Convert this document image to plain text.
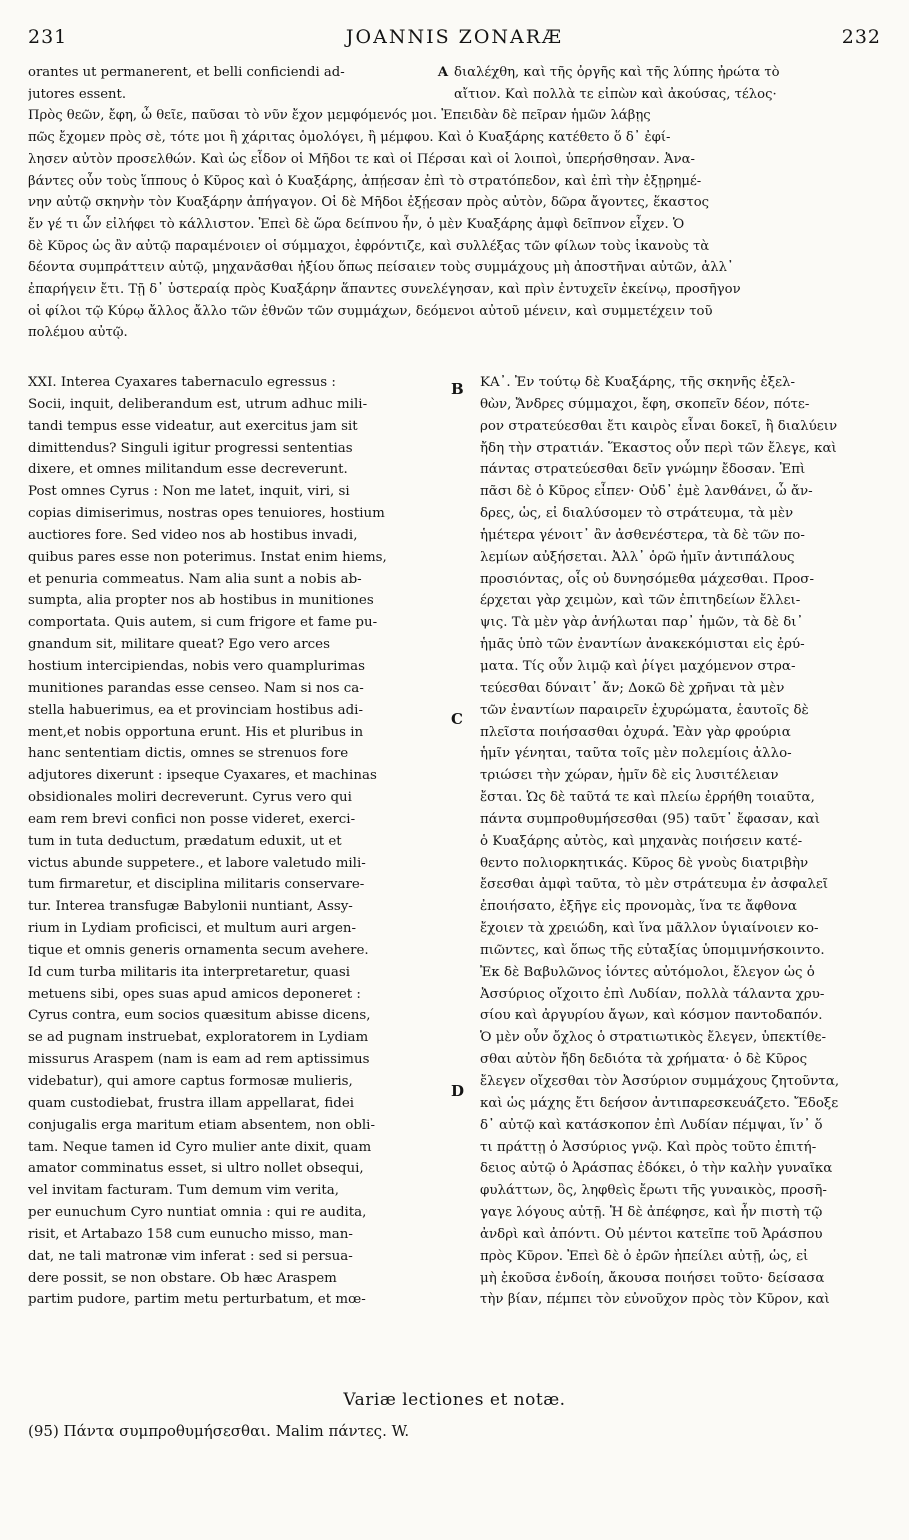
231	JOANNIS ZONARÆ	232
orantes ut permanerent, et belli conficiendi ad-	A διαλέχθη, καὶ τῆς ὀργῆς καὶ τῆς λύπης ἠρώτα τὸ
jutores essent.	αἴτιον. Καὶ πολλὰ τε εἰπὼν καὶ ἀκούσας, τέλος·
Πρὸς θεῶν, ἔφη, ὦ θεῖε, παῦσαι τὸ νῦν ἔχον μεμφόμενός μοι. Ἐπειδὰν δὲ πεῖραν ἡμῶν λάβῃς
πῶς ἔχομεν πρὸς σὲ, τότε μοι ἢ χάριτας ὁμολόγει, ἢ μέμφου. Καὶ ὁ Κυαξάρης κατέθετο ὅ δ᾽ ἐφί-
λησεν αὐτὸν προσελθών. Καὶ ὡς εἶδον οἱ Μῆδοι τε καὶ οἱ Πέρσαι καὶ οἱ λοιποὶ, ὑπερήσθησαν. Ἀνα-
βάντες οὖν τοὺς ἵππους ὁ Κῦρος καὶ ὁ Κυαξάρης, ἀπῄεσαν ἐπὶ τὸ στρατόπεδον, καὶ ἐπὶ τὴν ἐξῃρημέ-
νην αὐτῷ σκηνὴν τὸν Κυαξάρην ἀπήγαγον. Οἱ δὲ Μῆδοι ἐξῄεσαν πρὸς αὐτὸν, δῶρα ἄγοντες, ἕκαστος
ἔν γέ τι ὧν εἰλήφει τὸ κάλλιστον. Ἐπεὶ δὲ ὥρα δείπνου ἦν, ὁ μὲν Κυαξάρης ἀμφὶ δεῖπνον εἶχεν. Ὁ
δὲ Κῦρος ὡς ἂν αὐτῷ παραμένοιεν οἱ σύμμαχοι, ἐφρόντιζε, καὶ συλλέξας τῶν φίλων τοὺς ἱκανοὺς τὰ
δέοντα συμπράττειν αὐτῷ, μηχανᾶσθαι ἠξίου ὅπως πείσαιεν τοὺς συμμάχους μὴ ἀποστῆναι αὐτῶν, ἀλλ᾽
ἐπαρήγειν ἔτι. Τῇ δ᾽ ὑστεραίᾳ πρὸς Κυαξάρην ἅπαντες συνελέγησαν, καὶ πρὶν ἐντυχεῖν ἐκείνῳ, προσῆγον
οἱ φίλοι τῷ Κύρῳ ἄλλος ἄλλο τῶν ἐθνῶν τῶν συμμάχων, δεόμενοι αὐτοῦ μένειν, καὶ συμμετέχειν τοῦ
πολέμου αὐτῷ.
XXI. Interea Cyaxares tabernaculo egressus :
Socii, inquit, deliberandum est, utrum adhuc mili-
tandi tempus esse videatur, aut exercitus jam sit
dimittendus? Singuli igitur progressi sententias
dixere, et omnes militandum esse decreverunt.
Post omnes Cyrus : Non me latet, inquit, viri, si
copias dimiserimus, nostras opes tenuiores, hostium
auctiores fore. Sed video nos ab hostibus invadi,
quibus pares esse non poterimus. Instat enim hiems,
et penuria commeatus. Nam alia sunt a nobis ab-
sumpta, alia propter nos ab hostibus in munitiones
comportata. Quis autem, si cum frigore et fame pu-
gnandum sit, militare queat? Ego vero arces
hostium intercipiendas, nobis vero quamplurimas
munitiones parandas esse censeo. Nam si nos ca-
stella habuerimus, ea et provinciam hostibus adi-
ment,et nobis opportuna erunt. His et pluribus in
hanc sententiam dictis, omnes se strenuos fore
adjutores dixerunt : ipseque Cyaxares, et machinas
obsidionales moliri decreverunt. Cyrus vero qui
eam rem brevi confici non posse videret, exerci-
tum in tuta deductum, prædatum eduxit, ut et
victus abunde suppetere., et labore valetudo mili-
tum firmaretur, et disciplina militaris conservare-
tur. Interea transfugæ Babylonii nuntiant, Assy-
rium in Lydiam proficisci, et multum auri argen-
tique et omnis generis ornamenta secum avehere.
Id cum turba militaris ita interpretaretur, quasi
metuens sibi, opes suas apud amicos deponeret :
Cyrus contra, eum socios quæsitum abisse dicens,
se ad pugnam instruebat, exploratorem in Lydiam
missurus Araspem (nam is eam ad rem aptissimus
videbatur), qui amore captus formosæ mulieris,
quam custodiebat, frustra illam appellarat, fidei
conjugalis erga maritum etiam absentem, non obli-
tam. Neque tamen id Cyro mulier ante dixit, quam
amator comminatus esset, si ultro nollet obsequi,
vel invitam facturam. Tum demum vim verita,
per eunuchum Cyro nuntiat omnia : qui re audita,
risit, et Artabazo 158 cum eunucho misso, man-
dat, ne tali matronæ vim inferat : sed si persua-
dere possit, se non obstare. Ob hæc Araspem
partim pudore, partim metu perturbatum, et mœ-
B
C
D
ΚΑ᾽. Ἐν τούτῳ δὲ Κυαξάρης, τῆς σκηνῆς ἐξελ-
θὼν, Ἄνδρες σύμμαχοι, ἔφη, σκοπεῖν δέον, πότε-
ρον στρατεύεσθαι ἔτι καιρὸς εἶναι δοκεῖ, ἢ διαλύειν
ἤδη τὴν στρατιάν. Ἕκαστος οὖν περὶ τῶν ἔλεγε, καὶ
πάντας στρατεύεσθαι δεῖν γνώμην ἔδοσαν. Ἐπὶ
πᾶσι δὲ ὁ Κῦρος εἶπεν· Οὐδ᾽ ἐμὲ λανθάνει, ὦ ἄν-
δρες, ὡς, εἰ διαλύσομεν τὸ στράτευμα, τὰ μὲν
ἡμέτερα γένοιτ᾽ ἂν ἀσθενέστερα, τὰ δὲ τῶν πο-
λεμίων αὐξήσεται. Ἀλλ᾽ ὁρῶ ἡμῖν ἀντιπάλους
προσιόντας, οἷς οὐ δυνησόμεθα μάχεσθαι. Προσ-
έρχεται γὰρ χειμὼν, καὶ τῶν ἐπιτηδείων ἔλλει-
ψις. Τὰ μὲν γὰρ ἀνήλωται παρ᾽ ἡμῶν, τὰ δὲ δι᾽
ἡμᾶς ὑπὸ τῶν ἐναντίων ἀνακεκόμισται εἰς ἐρύ-
ματα. Τίς οὖν λιμῷ καὶ ῥίγει μαχόμενον στρα-
τεύεσθαι δύναιτ᾽ ἄν; Δοκῶ δὲ χρῆναι τὰ μὲν
τῶν ἐναντίων παραιρεῖν ἐχυρώματα, ἑαυτοῖς δὲ
πλεῖστα ποιήσασθαι ὀχυρά. Ἐὰν γὰρ φρούρια
ἡμῖν γένηται, ταῦτα τοῖς μὲν πολεμίοις ἀλλο-
τριώσει τὴν χώραν, ἡμῖν δὲ εἰς λυσιτέλειαν
ἔσται. Ὡς δὲ ταῦτά τε καὶ πλείω ἐρρήθη τοιαῦτα,
πάντα συμπροθυμήσεσθαι (95) ταῦτ᾽ ἔφασαν, καὶ
ὁ Κυαξάρης αὐτὸς, καὶ μηχανὰς ποιήσειν κατέ-
θεντο πολιορκητικάς. Κῦρος δὲ γνοὺς διατριβὴν
ἔσεσθαι ἀμφὶ ταῦτα, τὸ μὲν στράτευμα ἐν ἀσφαλεῖ
ἐποιήσατο, ἐξῆγε εἰς προνομὰς, ἵνα τε ἄφθονα
ἔχοιεν τὰ χρειώδη, καὶ ἵνα μᾶλλον ὑγιαίνοιεν κο-
πιῶντες, καὶ ὅπως τῆς εὐταξίας ὑπομιμνήσκοιντο.
Ἐκ δὲ Βαβυλῶνος ἰόντες αὐτόμολοι, ἔλεγον ὡς ὁ
Ἀσσύριος οἴχοιτο ἐπὶ Λυδίαν, πολλὰ τάλαντα χρυ-
σίου καὶ ἀργυρίου ἄγων, καὶ κόσμον παντοδαπόν.
Ὁ μὲν οὖν ὄχλος ὁ στρατιωτικὸς ἔλεγεν, ὑπεκτίθε-
σθαι αὐτὸν ἤδη δεδιότα τὰ χρήματα· ὁ δὲ Κῦρος
ἔλεγεν οἴχεσθαι τὸν Ἀσσύριον συμμάχους ζητοῦντα,
καὶ ὡς μάχης ἔτι δεήσον ἀντιπαρεσκευάζετο. Ἔδοξε
δ᾽ αὐτῷ καὶ κατάσκοπον ἐπὶ Λυδίαν πέμψαι, ἵν᾽ ὅ
τι πράττῃ ὁ Ἀσσύριος γνῷ. Καὶ πρὸς τοῦτο ἐπιτή-
δειος αὐτῷ ὁ Ἀράσπας ἐδόκει, ὁ τὴν καλὴν γυναῖκα
φυλάττων, ὃς, ληφθεὶς ἔρωτι τῆς γυναικὸς, προσῆ-
γαγε λόγους αὐτῇ. Ἡ δὲ ἀπέφησε, καὶ ἦν πιστὴ τῷ
ἀνδρὶ καὶ ἀπόντι. Οὐ μέντοι κατεῖπε τοῦ Ἀράσπου
πρὸς Κῦρον. Ἐπεὶ δὲ ὁ ἐρῶν ἠπείλει αὐτῇ, ὡς, εἰ
μὴ ἑκοῦσα ἐνδοίη, ἄκουσα ποιήσει τοῦτο· δείσασα
τὴν βίαν, πέμπει τὸν εὐνοῦχον πρὸς τὸν Κῦρον, καὶ
Variæ lectiones et notæ.
(95) Πάντα συμπροθυμήσεσθαι. Malim πάντες. W.
